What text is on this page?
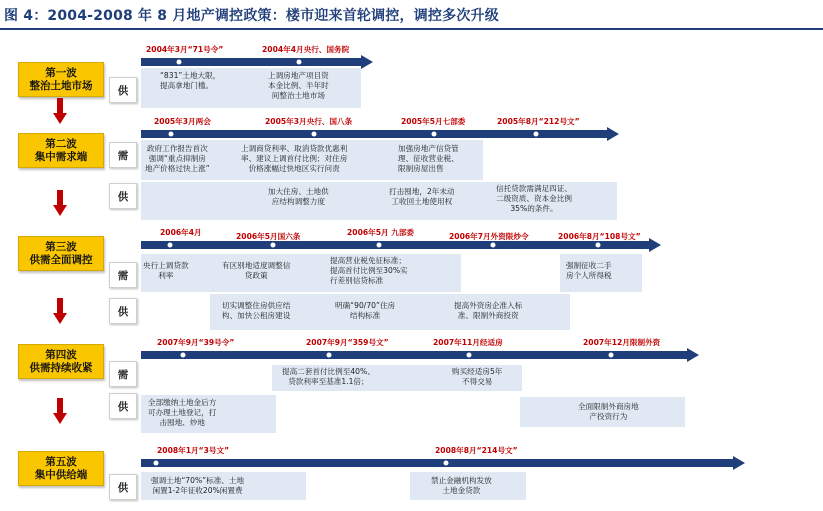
图 4：2004-2008 年 8 月地产调控政策：楼市迎来首轮调控，调控多次升级
第一波
整治土地市场
第二波
集中需求端
第三波
供需全面调控
第四波
供需持续收紧
第五波
集中供给端
供
需
供
需
供
需
供
供
2004年3月“71号令”	2004年4月央行、国务院
2005年3月两会	2005年3月央行、国八条	2005年5月七部委	2005年8月“212号文”
2006年4月	2006年5月国六条	2006年5月 九部委	2006年7月外资限炒令	2006年8月“108号文”
2007年9月“39号令”	2007年9月“359号文”	2007年11月经适房	2007年12月限制外资
2008年1月“3号文”	2008年8月“214号文”
“831”土地大限，
提高拿地门槛。
上调房地产项目资
本金比例、半年时
间整治土地市场
政府工作报告首次
强调“重点抑制房
地产价格过快上涨”
上调商贷利率、取消贷款优惠利
率、建议上调首付比例；对住房
价格涨幅过快地区实行问责
加强房地产信贷管
理、征收营业税、
限制房屋出售
加大住房、土地供
应结构调整力度
打击囤地，2年未动
工收回土地使用权
信托贷款需满足四证、
二级资质、资本金比例
35%的条件。
央行上调贷款
利率
有区别地适度调整信
贷政策
提高营业税免征标准；
提高首付比例至30%实
行差别信贷标准
强制征收二手
房个人所得税
切实调整住房供应结
构、加快公租房建设
明确“90/70”住房
结构标准
提高外资房企准入标
准、限制外商投资
提高二套首付比例至40%、
贷款利率至基准1.1倍；
购买经适房5年
不得交易
全部缴纳土地金后方
可办理土地登记，打
击囤地、炒地
全面限制外商房地
产投资行为
强调土地“70%”标准、土地
闲置1-2年征收20%闲置费
禁止金融机构发放
土地金贷款
